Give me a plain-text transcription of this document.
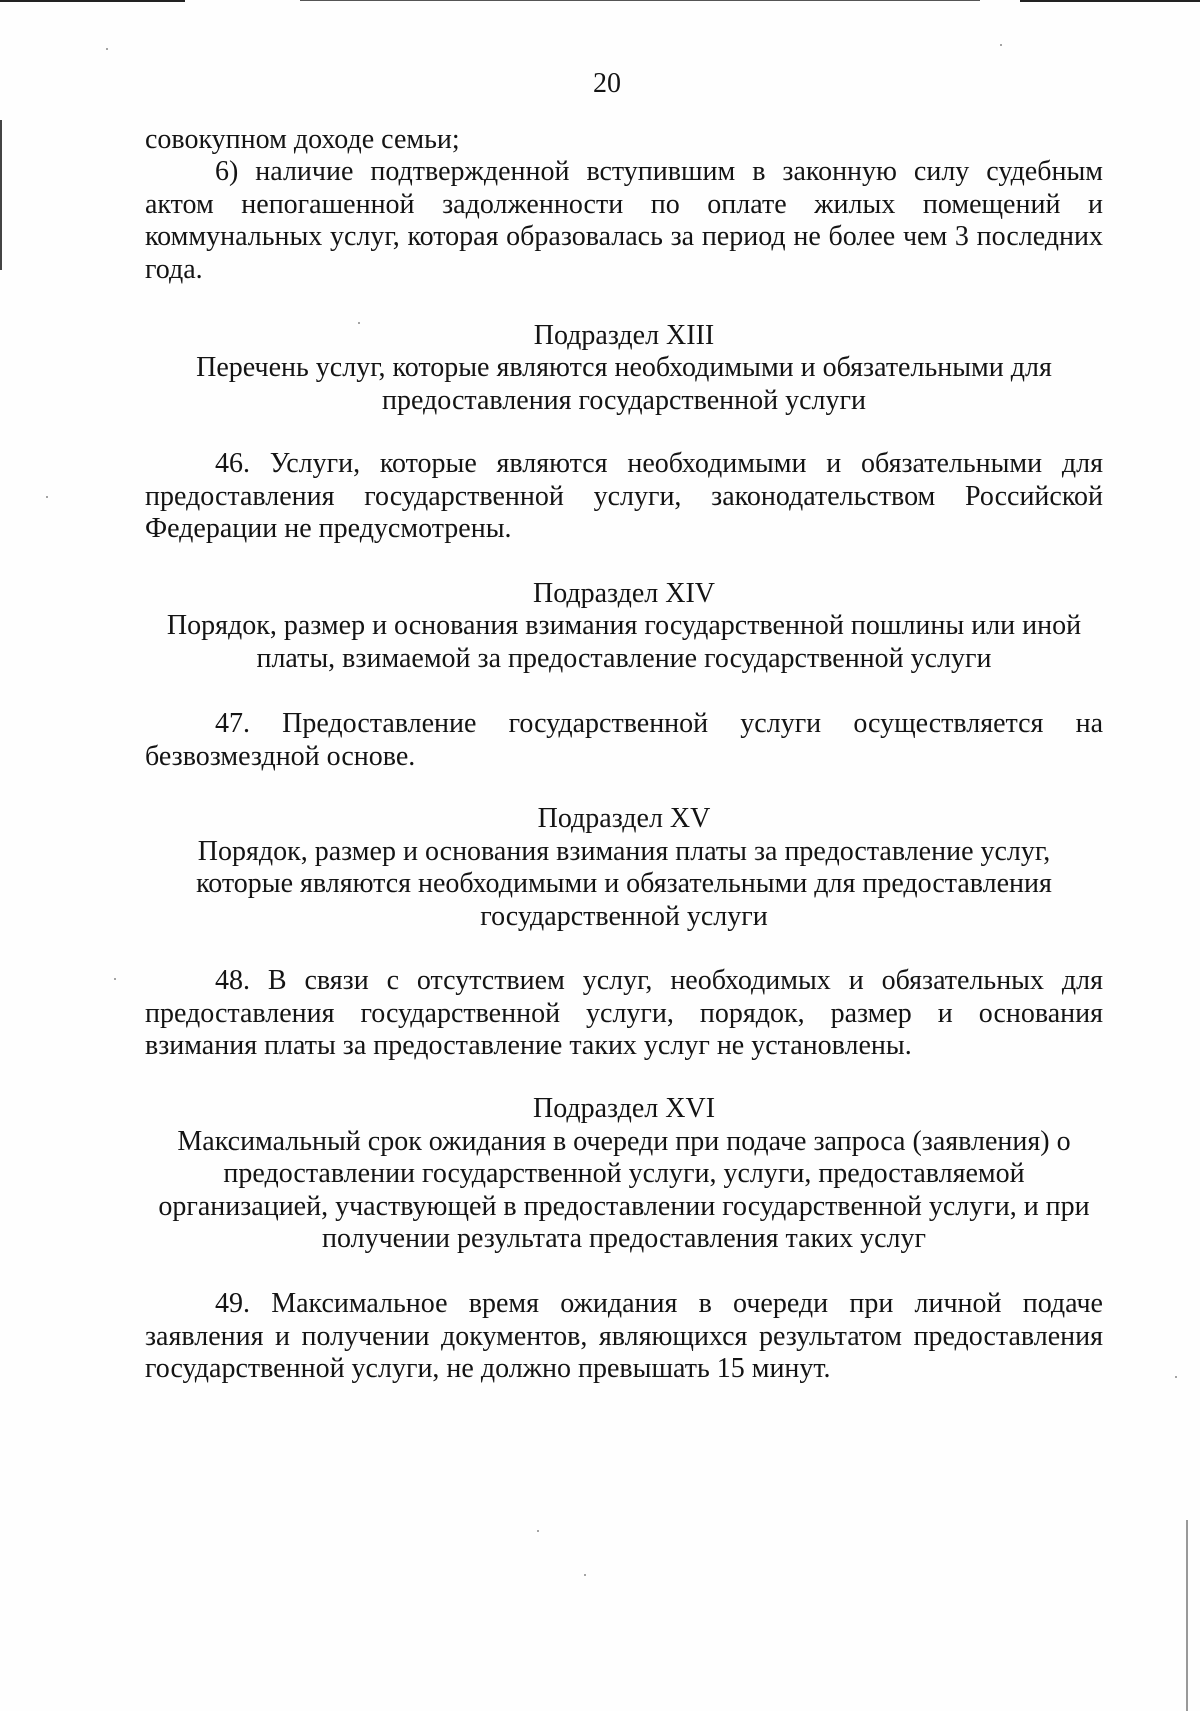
20

совокупном доходе семьи;

6) наличие подтвержденной вступившим в законную силу судебным актом непогашенной задолженности по оплате жилых помещений и коммунальных услуг, которая образовалась за период не более чем 3 последних года.

Подраздел XIII
Перечень услуг, которые являются необходимыми и обязательными для
предоставления государственной услуги

46. Услуги, которые являются необходимыми и обязательными для предоставления государственной услуги, законодательством Российской Федерации не предусмотрены.

Подраздел XIV
Порядок, размер и основания взимания государственной пошлины или иной
платы, взимаемой за предоставление государственной услуги

47. Предоставление государственной услуги осуществляется на безвозмездной основе.

Подраздел XV
Порядок, размер и основания взимания платы за предоставление услуг,
которые являются необходимыми и обязательными для предоставления
государственной услуги

48. В связи с отсутствием услуг, необходимых и обязательных для предоставления государственной услуги, порядок, размер и основания взимания платы за предоставление таких услуг не установлены.

Подраздел XVI
Максимальный срок ожидания в очереди при подаче запроса (заявления) о
предоставлении государственной услуги, услуги, предоставляемой
организацией, участвующей в предоставлении государственной услуги, и при
получении результата предоставления таких услуг

49. Максимальное время ожидания в очереди при личной подаче заявления и получении документов, являющихся результатом предоставления государственной услуги, не должно превышать 15 минут.
